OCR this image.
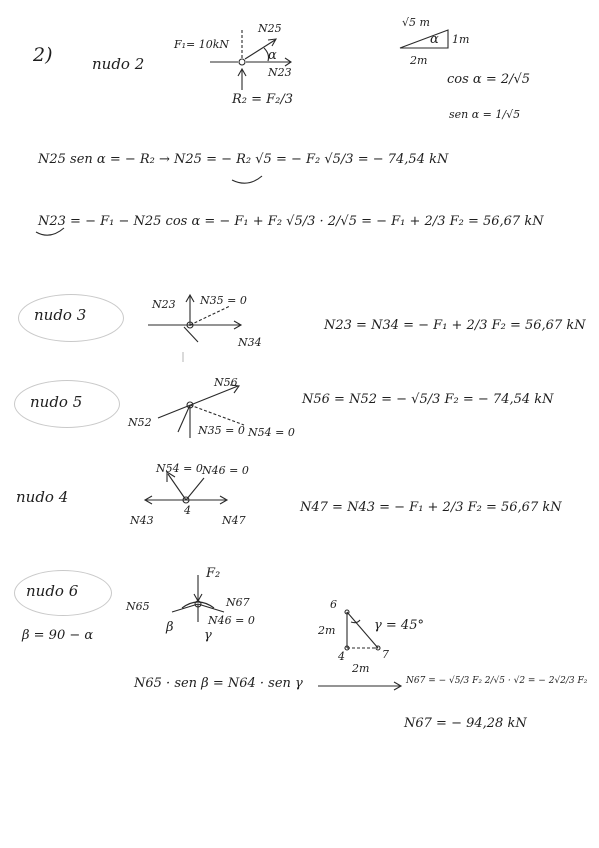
2)	nudo 2
F₁= 10kN
N25
N23
α
R₂ = F₂/3
√5 m
1m
2m
α
cos α = 2/√5
sen α = 1/√5
N25 sen α = − R₂ → N25 = − R₂ √5 = − F₂ √5/3 = − 74,54 kN
N23 = − F₁ − N25 cos α = − F₁ + F₂ √5/3 · 2/√5 = − F₁ + 2/3 F₂ = 56,67 kN
nudo 3
N23 N35 = 0
N34
N23 = N34 = − F₁ + 2/3 F₂ = 56,67 kN
nudo 5
N56
N52
N35 = 0 N54 = 0
N56 = N52 = − √5/3 F₂ = − 74,54 kN
nudo 4
N54 = 0 N46 = 0
N43	N47
4	N47 = N43 = − F₁ + 2/3 F₂ = 56,67 kN
nudo 6
β = 90 − α
F₂
N65	N67
N46 = 0
β
γ
6
4	7
2m
2m
γ = 45°
N65 · sen β = N64 · sen γ	N67 = − √5/3 F₂ 2/√5 · √2 = − 2√2/3 F₂
N67 = − 94,28 kN
